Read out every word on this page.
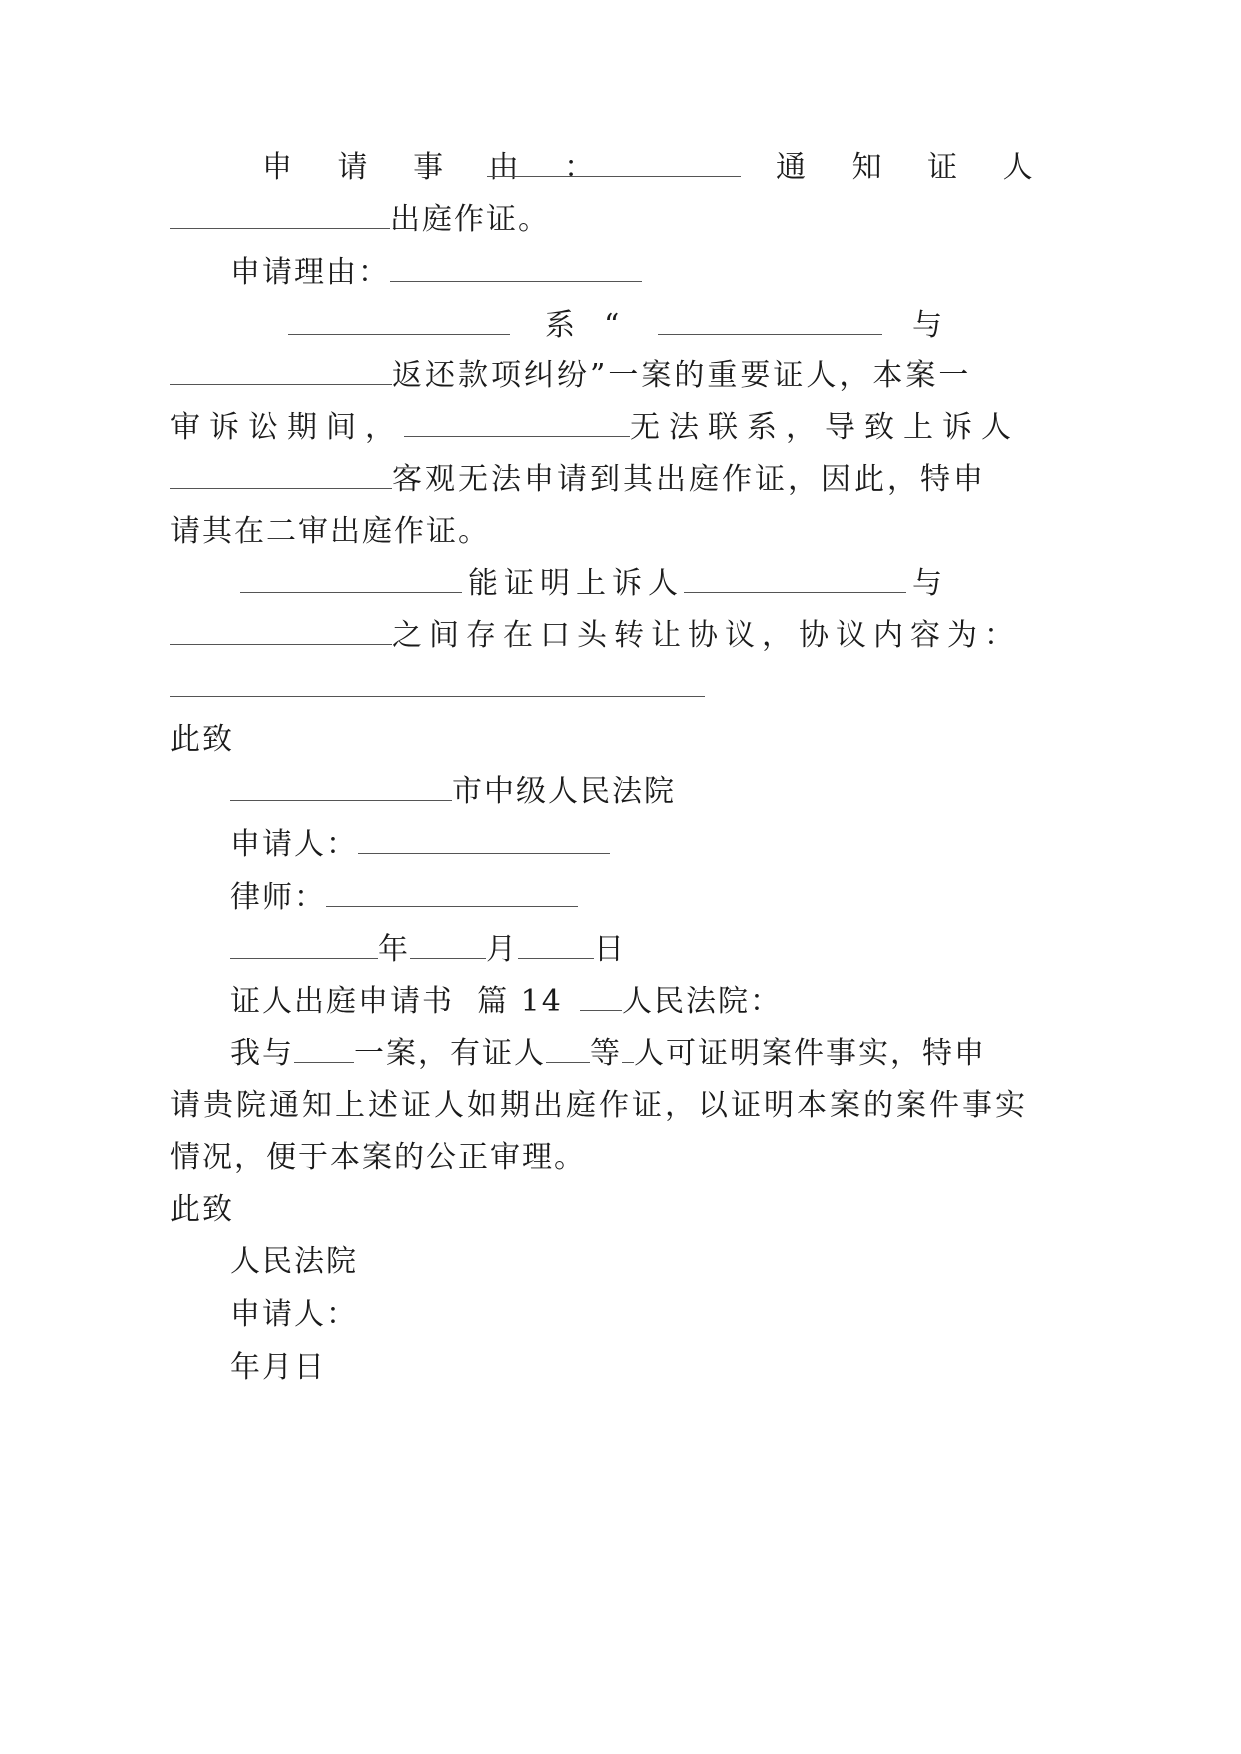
申 请 事 由 ：	通 知 证 人
出庭作证。
申请理由：
系 “	与
返还款项纠纷”一案的重要证人，本案一
审诉讼期间，	无法联系，导致上诉人
客观无法申请到其出庭作证，因此，特申
请其在二审出庭作证。
能证明上诉人	与
之间存在口头转让协议，协议内容为：
此致
市中级人民法院
申请人：
律师：
年	月	日
证人出庭申请书  篇 14	人民法院：
我与 一案，有证人 等 人可证明案件事实，特申
请贵院通知上述证人如期出庭作证，以证明本案的案件事实
情况，便于本案的公正审理。
此致
人民法院
申请人：
年月日
